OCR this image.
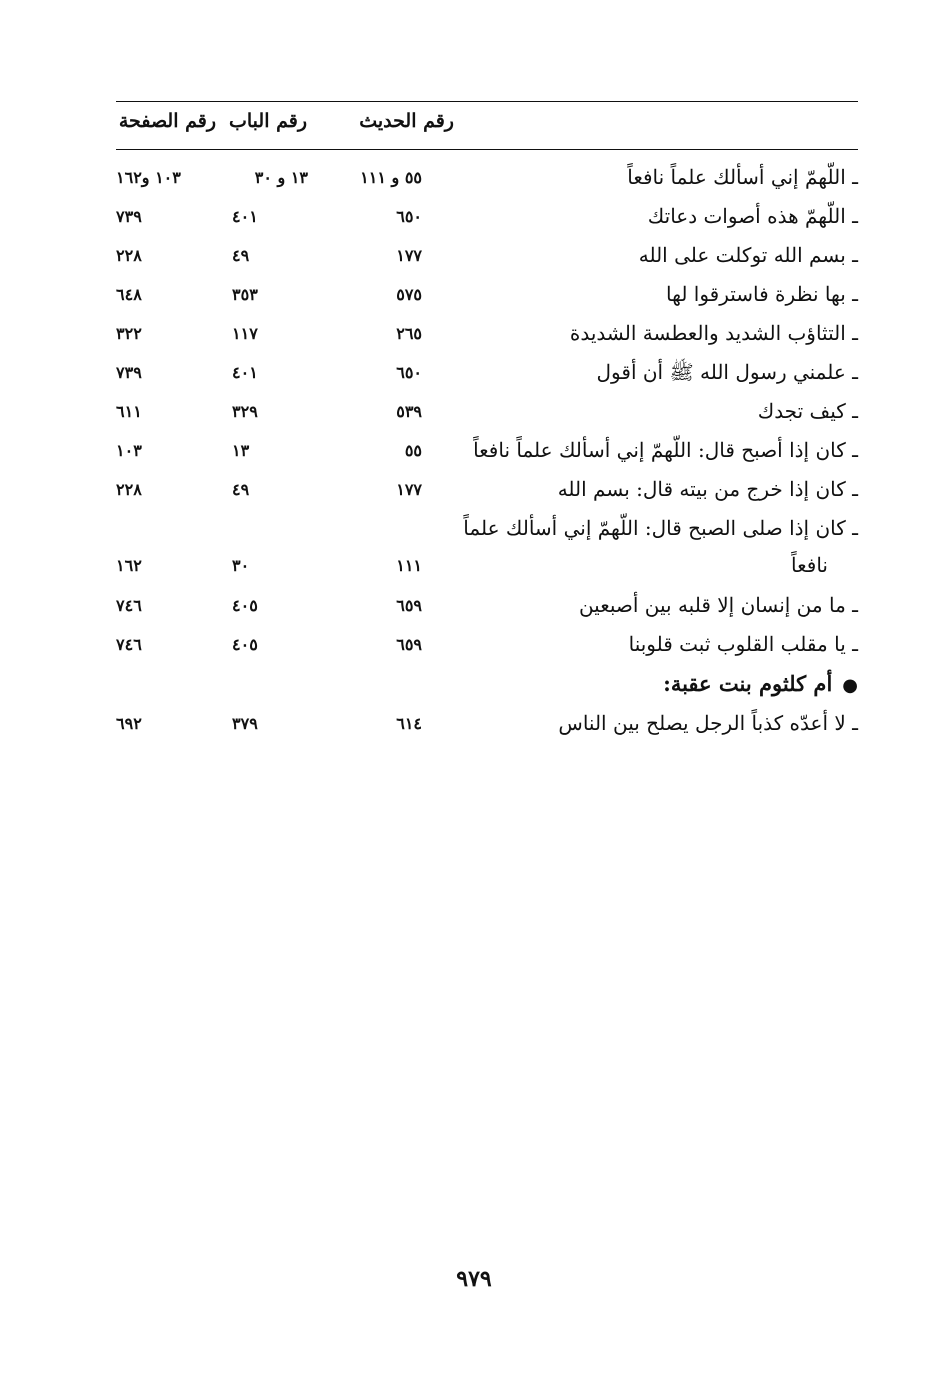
رقم الحديث
رقم الباب
رقم الصفحة
ـ اللّهمّ إني أسألك علماً نافعاً
٥٥ و ١١١
١٣ و ٣٠
١٠٣ و١٦٢
ـ اللّهمّ هذه أصوات دعاتك
٦٥٠
٤٠١
٧٣٩
ـ بسم الله توكلت على الله
١٧٧
٤٩
٢٢٨
ـ بها نظرة فاسترقوا لها
٥٧٥
٣٥٣
٦٤٨
ـ التثاؤب الشديد والعطسة الشديدة
٢٦٥
١١٧
٣٢٢
ـ علمني رسول الله ﷺ أن أقول
٦٥٠
٤٠١
٧٣٩
ـ كيف تجدك
٥٣٩
٣٢٩
٦١١
ـ كان إذا أصبح قال: اللّهمّ إني أسألك علماً نافعاً
٥٥
١٣
١٠٣
ـ كان إذا خرج من بيته قال: بسم الله
١٧٧
٤٩
٢٢٨
ـ كان إذا صلى الصبح قال: اللّهمّ إني أسألك علماً
نافعاً
١١١
٣٠
١٦٢
ـ ما من إنسان إلا قلبه بين أصبعين
٦٥٩
٤٠٥
٧٤٦
ـ يا مقلب القلوب ثبت قلوبنا
٦٥٩
٤٠٥
٧٤٦
●أم كلثوم بنت عقبة:
ـ لا أعدّه كذباً الرجل يصلح بين الناس
٦١٤
٣٧٩
٦٩٢
٩٧٩
